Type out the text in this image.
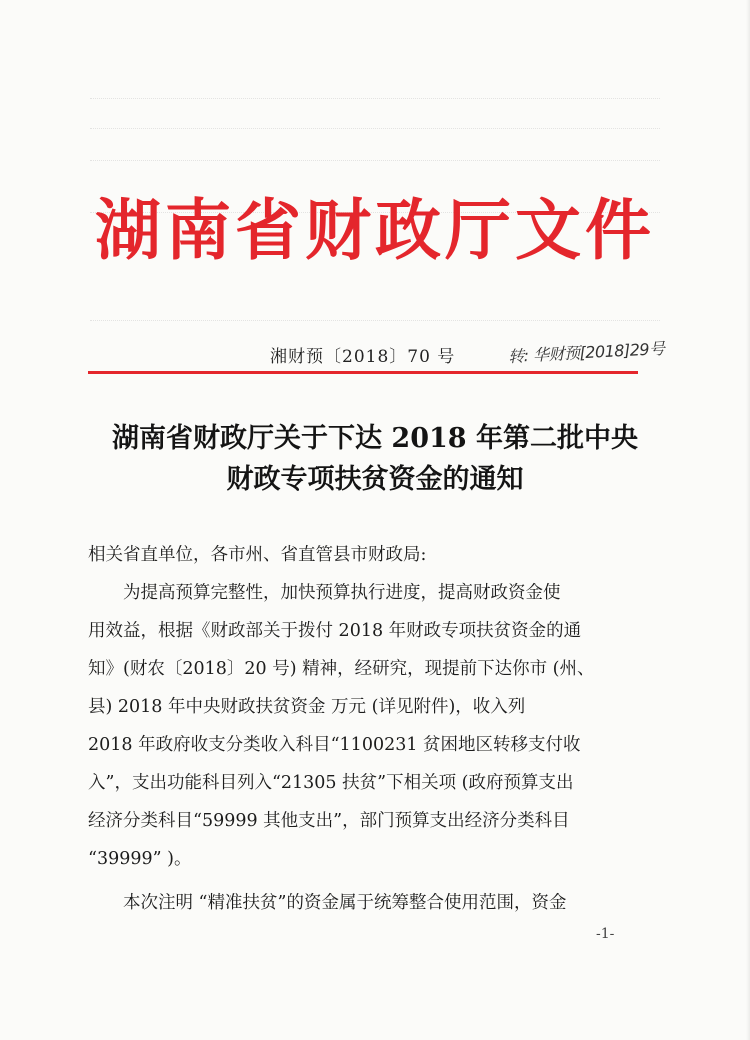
湖南省财政厅文件
湘财预〔2018〕70 号	转: 华财预[2018]29号
湖南省财政厅关于下达 2018 年第二批中央
财政专项扶贫资金的通知

相关省直单位，各市州、省直管县市财政局:

为提高预算完整性，加快预算执行进度，提高财政资金使

用效益，根据《财政部关于拨付 2018 年财政专项扶贫资金的通

知》(财农〔2018〕20 号) 精神，经研究，现提前下达你市 (州、

县) 2018 年中央财政扶贫资金 万元 (详见附件)，收入列

2018 年政府收支分类收入科目“1100231 贫困地区转移支付收

入”，支出功能科目列入“21305 扶贫”下相关项 (政府预算支出

经济分类科目“59999 其他支出”，部门预算支出经济分类科目

“39999” )。

本次注明 “精准扶贫”的资金属于统筹整合使用范围，资金

-1-
